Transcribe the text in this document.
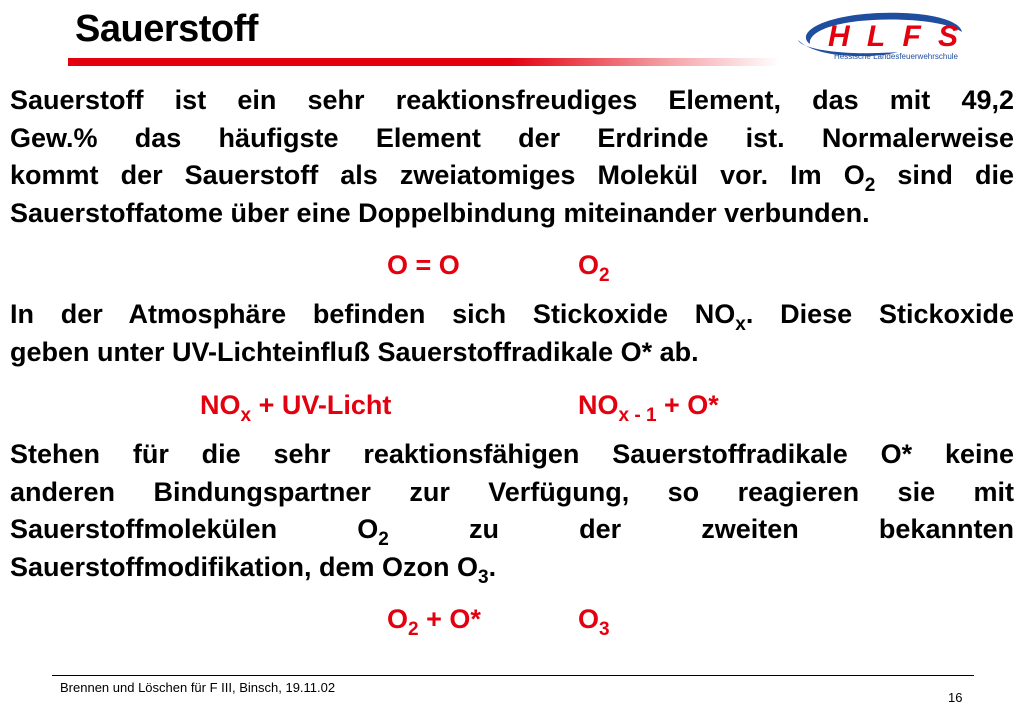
Sauerstoff	HLFS
Hessische Landesfeuerwehrschule
Sauerstoff ist ein sehr reaktionsfreudiges Element, das mit 49,2
Gew.% das häufigste Element der Erdrinde ist. Normalerweise
kommt der Sauerstoff als zweiatomiges Molekül vor. Im $O_2$ sind die
Sauerstoffatome über eine Doppelbindung miteinander verbunden.
O = O	$O_2$
In der Atmosphäre befinden sich Stickoxide $NO_x$. Diese Stickoxide
geben unter UV-Lichteinfluß Sauerstoffradikale O* ab.
$NO_x$ + UV-Licht	$NO_{x - 1} + O*$
Stehen für die sehr reaktionsfähigen Sauerstoffradikale O* keine
anderen Bindungspartner zur Verfügung, so reagieren sie mit
Sauerstoffmolekülen	$O_2$	zu	der	zweiten	bekannten
Sauerstoffmodifikation, dem Ozon $O_3$.
$O_2 + O*$	$O_3$
Brennen und Löschen für F III, Binsch, 19.11.02
16
